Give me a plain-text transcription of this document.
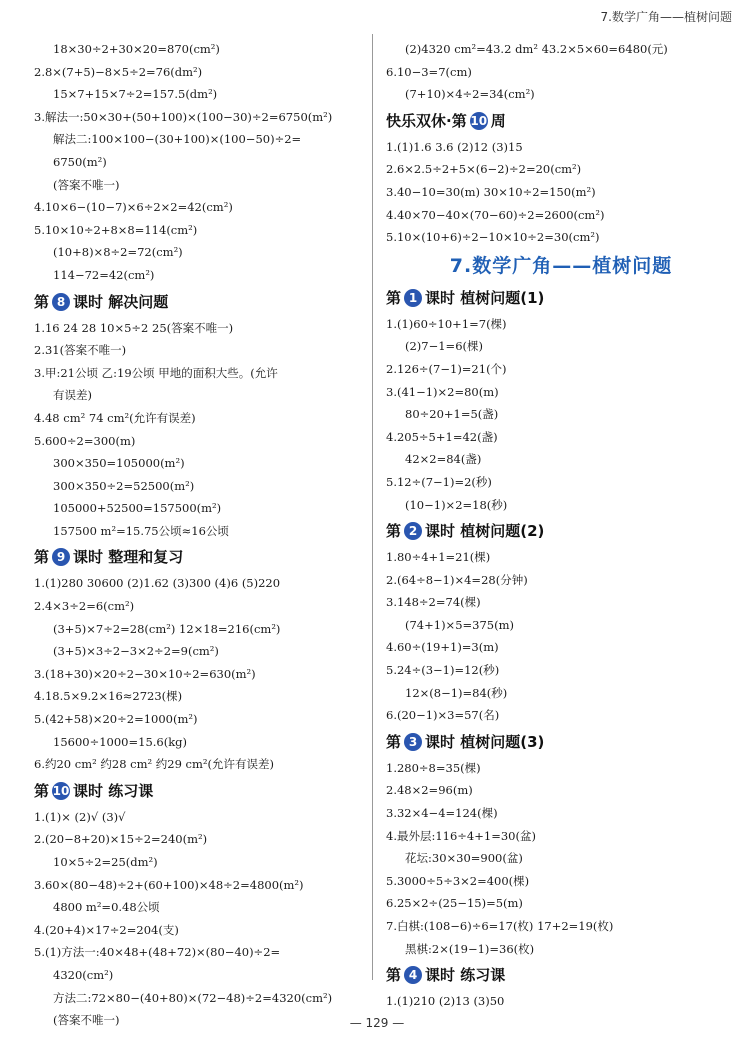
7.数学广角——植树问题
18×30÷2+30×20=870(cm²)
2.8×(7+5)−8×5÷2=76(dm²)
15×7+15×7÷2=157.5(dm²)
3.解法一:50×30+(50+100)×(100−30)÷2=6750(m²)
解法二:100×100−(30+100)×(100−50)÷2=
6750(m²)
(答案不唯一)
4.10×6−(10−7)×6÷2×2=42(cm²)
5.10×10÷2+8×8=114(cm²)
(10+8)×8÷2=72(cm²)
114−72=42(cm²)
第 8 课时 解决问题
1.16 24 28 10×5÷2 25(答案不唯一)
2.31(答案不唯一)
3.甲:21公顷 乙:19公顷 甲地的面积大些。(允许
有误差)
4.48 cm² 74 cm²(允许有误差)
5.600÷2=300(m)
300×350=105000(m²)
300×350÷2=52500(m²)
105000+52500=157500(m²)
157500 m²=15.75公顷≈16公顷
第 9 课时 整理和复习
1.(1)280 30600 (2)1.62 (3)300 (4)6 (5)220
2.4×3÷2=6(cm²)
(3+5)×7÷2=28(cm²) 12×18=216(cm²)
(3+5)×3÷2−3×2÷2=9(cm²)
3.(18+30)×20÷2−30×10÷2=630(m²)
4.18.5×9.2×16≈2723(棵)
5.(42+58)×20÷2=1000(m²)
15600÷1000=15.6(kg)
6.约20 cm² 约28 cm² 约29 cm²(允许有误差)
第 10 课时 练习课
1.(1)× (2)√ (3)√
2.(20−8+20)×15÷2=240(m²)
10×5÷2=25(dm²)
3.60×(80−48)÷2+(60+100)×48÷2=4800(m²)
4800 m²=0.48公顷
4.(20+4)×17÷2=204(支)
5.(1)方法一:40×48+(48+72)×(80−40)÷2=
4320(cm²)
方法二:72×80−(40+80)×(72−48)÷2=4320(cm²)
(答案不唯一)
(2)4320 cm²=43.2 dm² 43.2×5×60=6480(元)
6.10−3=7(cm)
(7+10)×4÷2=34(cm²)
快乐双休·第 10 周
1.(1)1.6 3.6 (2)12 (3)15
2.6×2.5÷2+5×(6−2)÷2=20(cm²)
3.40−10=30(m) 30×10÷2=150(m²)
4.40×70−40×(70−60)÷2=2600(cm²)
5.10×(10+6)÷2−10×10÷2=30(cm²)
7.数学广角——植树问题
第 1 课时 植树问题(1)
1.(1)60÷10+1=7(棵)
(2)7−1=6(棵)
2.126÷(7−1)=21(个)
3.(41−1)×2=80(m)
80÷20+1=5(盏)
4.205÷5+1=42(盏)
42×2=84(盏)
5.12÷(7−1)=2(秒)
(10−1)×2=18(秒)
第 2 课时 植树问题(2)
1.80÷4+1=21(棵)
2.(64÷8−1)×4=28(分钟)
3.148÷2=74(棵)
(74+1)×5=375(m)
4.60÷(19+1)=3(m)
5.24÷(3−1)=12(秒)
12×(8−1)=84(秒)
6.(20−1)×3=57(名)
第 3 课时 植树问题(3)
1.280÷8=35(棵)
2.48×2=96(m)
3.32×4−4=124(棵)
4.最外层:116÷4+1=30(盆)
花坛:30×30=900(盆)
5.3000÷5÷3×2=400(棵)
6.25×2÷(25−15)=5(m)
7.白棋:(108−6)÷6=17(枚) 17+2=19(枚)
黑棋:2×(19−1)=36(枚)
第 4 课时 练习课
1.(1)210 (2)13 (3)50
— 129 —
